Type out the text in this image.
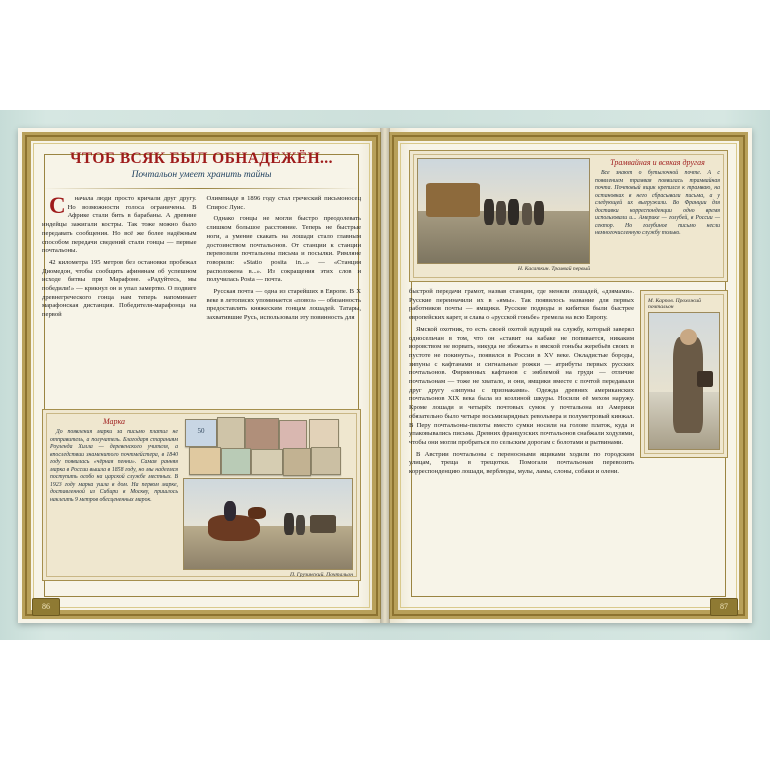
ЧТОБ ВСЯК БЫЛ ОБНАДЕЖЁН...
Почтальон умеет хранить тайны

Сначала люди просто кричали друг другу. Но возможности голоса ограничены. В Африке стали бить в барабаны. А древние индейцы зажигали костры. Так тоже можно было передавать сообщения. Но всё же более надёжным способом передачи сведений стали гонцы — первые почтальоны.

42 километра 195 метров без остановки пробежал Диомедон, чтобы сообщить афинянам об успешном исходе битвы при Марафоне. «Радуйтесь, мы победили!» — крикнул он и упал замертво. О подвиге древнегреческого гонца нам теперь напоминает марафонская дистанция. Победителя-марафонца на первой

Олимпиаде в 1896 году стал греческий письмоносец Спирос Луис.

Однако гонцы не могли быстро преодолевать слишком большое расстояние. Теперь не быстрые ноги, а умение скакать на лошади стало главным достоинством почтальонов. От станции к станции перевозили почтальоны письма и посылки. Римляне говорили: «Statio posita in...» — «Станция расположена в...». Из сокращения этих слов и получилась Posta — почта.

Русская почта — одна из старейших в Европе. В X веке в летописях упоминается «повоз» — обязанность предоставлять княжеским гонцам лошадей. Татары, захватившие Русь, использовали эту повинность для

Марка
До появления марки за письмо платил не отправитель, а получатель. Благодаря стараниям Роуленда Хилла — деревенского учителя, а впоследствии знаменитого почтмейстера, в 1840 году появилась «чёрная пенни». Самая ранняя марка в России вышла в 1858 году, но мы надеемся поступить особо на царской службе местных. В 1923 году марка ушла в дом. На первом марке, доставленной из Сибири в Москву, пришлось наклеить 9 метров обесцененных марок.
50
П. Грузинский. Почтальон
86
Н. Касаткин. Трамвай первый
Трамвайная и всякая другая
Все знают о бутылочной почте. А с появлением трамвая появилась трамвайная почта. Почтовый ящик крепился к трамваю, на остановках в него сбрасывали письма, а у следующей их выгружали. Во Франции для доставки корреспонденции одно время использовали и... Америке — голубей, в России — сектор. Но голубиное письмо несли немногочисленную службу только.
М. Карпов. Прохожий почтальон

быстрой передачи грамот, назвав станции, где меняли лошадей, «дзямами». Русские переиначили их в «ямы». Так появилось название для первых работников почты — ямщики. Русские подводы и кибитки были быстрее европейских карет, и слава о «русской гоньбе» гремела на всю Европу.

Ямской охотник, то есть своей охотой идущий на службу, который заверял односельчан в том, что он «ставит на кабаке не попивается, никаким воровством не ворвать, никуда не збежать» в ямской гоньбы жеребьёв своих в пустоте не покинуть», появился в России в XV веке. Окладистые бороды, зипуны с кафтанами и сигнальные рожки — атрибуты первых русских почтальонов. Фирменных кафтанов с эмблемой на груди — отличие почтальонам — тоже не хватало, и они, ямщики вместе с почтой передавали друг другу «зипуны с признаками». Одежда древних американских почтальонов XIX века была из козлиной шкуры. Носили её мехом наружу. Кроме лошади и четырёх почтовых сумок у почтальона из Америки обязательно было четыре восьмизарядных револьвера и полуметровый кинжал. В Перу почтальоны-пилоты вместо сумки носили на голове платок, куда и упаковывались письма. Древних французских почтальонов снабжали ходулями, чтобы они могли пробраться по сельским дорогам с болотами и рытвинами.

В Австрии почтальоны с переносными ящиками ходили по городским улицам, треща в трещотки. Помогали почтальонам перевозить корреспонденцию лошади, верблюды, мулы, ламы, слоны, собаки и олени.

87
